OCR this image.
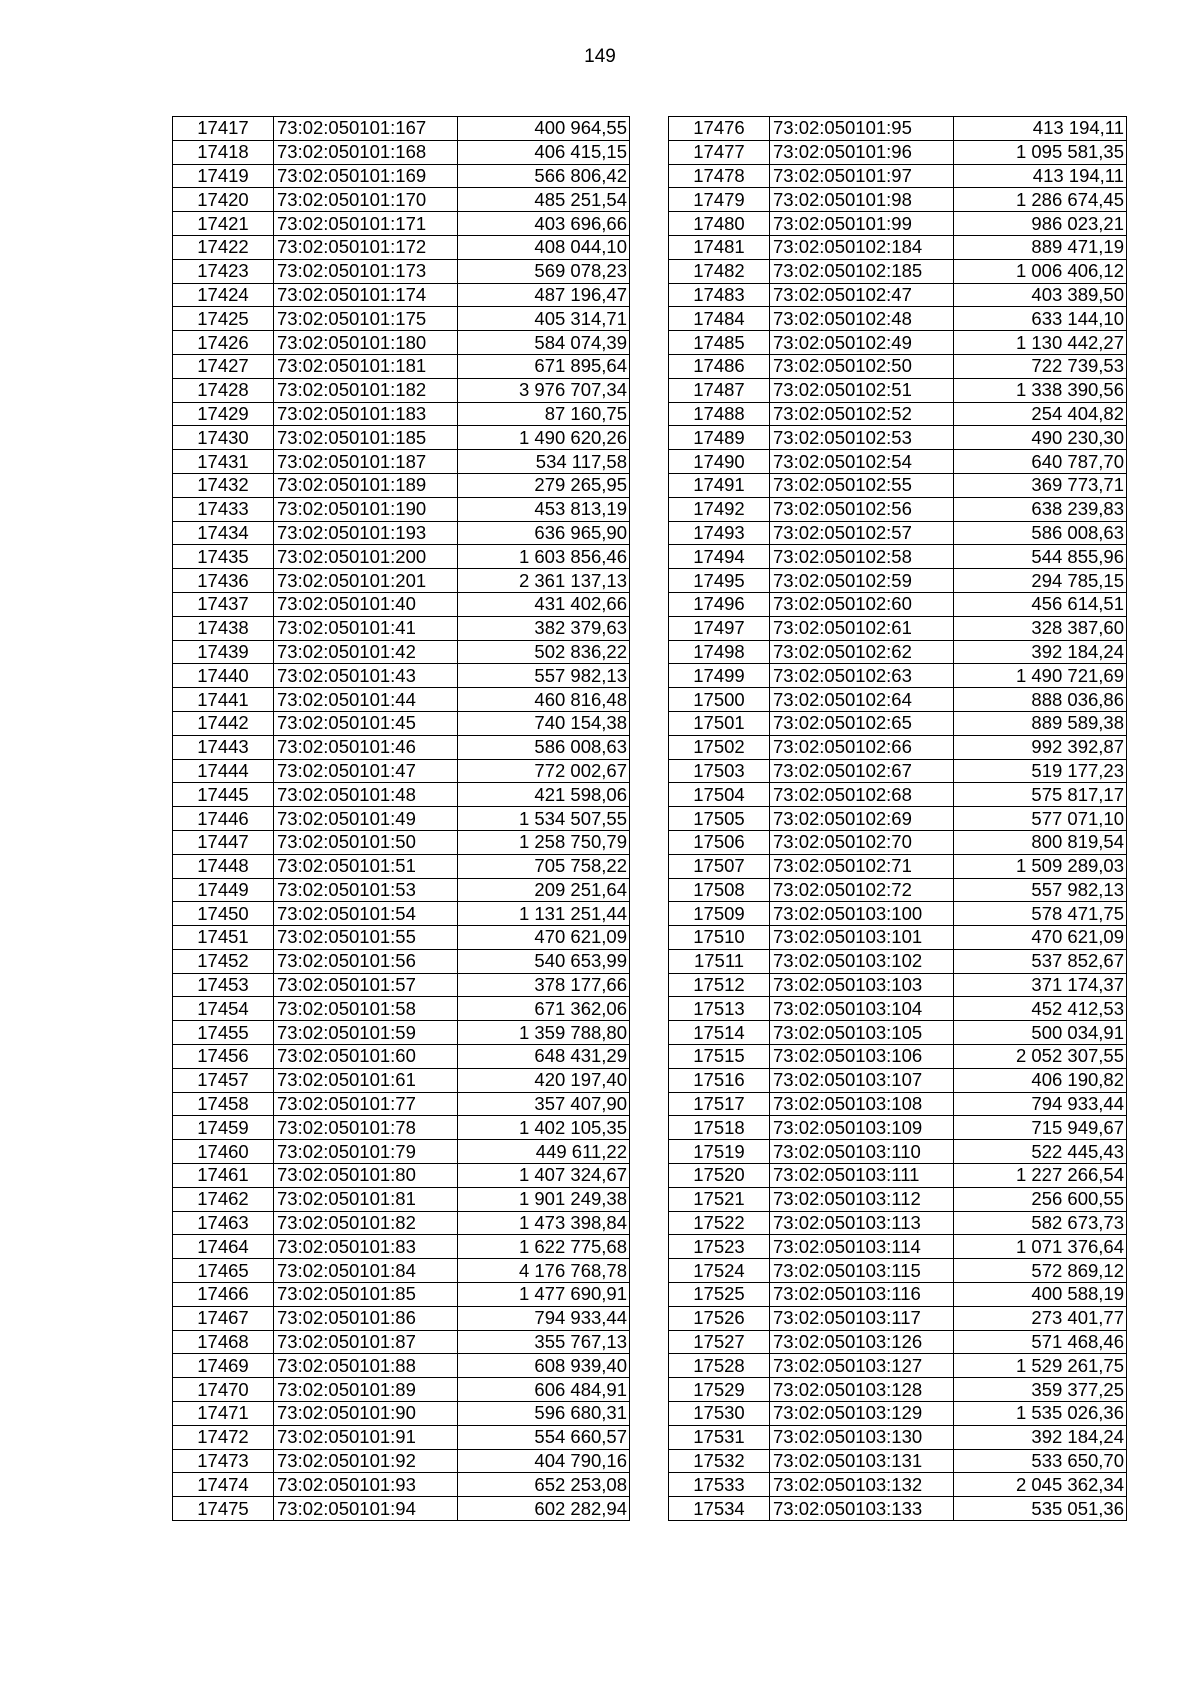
149
17417	73:02:050101:167	400 964,55
17418	73:02:050101:168	406 415,15
17419	73:02:050101:169	566 806,42
17420	73:02:050101:170	485 251,54
17421	73:02:050101:171	403 696,66
17422	73:02:050101:172	408 044,10
17423	73:02:050101:173	569 078,23
17424	73:02:050101:174	487 196,47
17425	73:02:050101:175	405 314,71
17426	73:02:050101:180	584 074,39
17427	73:02:050101:181	671 895,64
17428	73:02:050101:182	3 976 707,34
17429	73:02:050101:183	87 160,75
17430	73:02:050101:185	1 490 620,26
17431	73:02:050101:187	534 117,58
17432	73:02:050101:189	279 265,95
17433	73:02:050101:190	453 813,19
17434	73:02:050101:193	636 965,90
17435	73:02:050101:200	1 603 856,46
17436	73:02:050101:201	2 361 137,13
17437	73:02:050101:40	431 402,66
17438	73:02:050101:41	382 379,63
17439	73:02:050101:42	502 836,22
17440	73:02:050101:43	557 982,13
17441	73:02:050101:44	460 816,48
17442	73:02:050101:45	740 154,38
17443	73:02:050101:46	586 008,63
17444	73:02:050101:47	772 002,67
17445	73:02:050101:48	421 598,06
17446	73:02:050101:49	1 534 507,55
17447	73:02:050101:50	1 258 750,79
17448	73:02:050101:51	705 758,22
17449	73:02:050101:53	209 251,64
17450	73:02:050101:54	1 131 251,44
17451	73:02:050101:55	470 621,09
17452	73:02:050101:56	540 653,99
17453	73:02:050101:57	378 177,66
17454	73:02:050101:58	671 362,06
17455	73:02:050101:59	1 359 788,80
17456	73:02:050101:60	648 431,29
17457	73:02:050101:61	420 197,40
17458	73:02:050101:77	357 407,90
17459	73:02:050101:78	1 402 105,35
17460	73:02:050101:79	449 611,22
17461	73:02:050101:80	1 407 324,67
17462	73:02:050101:81	1 901 249,38
17463	73:02:050101:82	1 473 398,84
17464	73:02:050101:83	1 622 775,68
17465	73:02:050101:84	4 176 768,78
17466	73:02:050101:85	1 477 690,91
17467	73:02:050101:86	794 933,44
17468	73:02:050101:87	355 767,13
17469	73:02:050101:88	608 939,40
17470	73:02:050101:89	606 484,91
17471	73:02:050101:90	596 680,31
17472	73:02:050101:91	554 660,57
17473	73:02:050101:92	404 790,16
17474	73:02:050101:93	652 253,08
17475	73:02:050101:94	602 282,94
17476	73:02:050101:95	413 194,11
17477	73:02:050101:96	1 095 581,35
17478	73:02:050101:97	413 194,11
17479	73:02:050101:98	1 286 674,45
17480	73:02:050101:99	986 023,21
17481	73:02:050102:184	889 471,19
17482	73:02:050102:185	1 006 406,12
17483	73:02:050102:47	403 389,50
17484	73:02:050102:48	633 144,10
17485	73:02:050102:49	1 130 442,27
17486	73:02:050102:50	722 739,53
17487	73:02:050102:51	1 338 390,56
17488	73:02:050102:52	254 404,82
17489	73:02:050102:53	490 230,30
17490	73:02:050102:54	640 787,70
17491	73:02:050102:55	369 773,71
17492	73:02:050102:56	638 239,83
17493	73:02:050102:57	586 008,63
17494	73:02:050102:58	544 855,96
17495	73:02:050102:59	294 785,15
17496	73:02:050102:60	456 614,51
17497	73:02:050102:61	328 387,60
17498	73:02:050102:62	392 184,24
17499	73:02:050102:63	1 490 721,69
17500	73:02:050102:64	888 036,86
17501	73:02:050102:65	889 589,38
17502	73:02:050102:66	992 392,87
17503	73:02:050102:67	519 177,23
17504	73:02:050102:68	575 817,17
17505	73:02:050102:69	577 071,10
17506	73:02:050102:70	800 819,54
17507	73:02:050102:71	1 509 289,03
17508	73:02:050102:72	557 982,13
17509	73:02:050103:100	578 471,75
17510	73:02:050103:101	470 621,09
17511	73:02:050103:102	537 852,67
17512	73:02:050103:103	371 174,37
17513	73:02:050103:104	452 412,53
17514	73:02:050103:105	500 034,91
17515	73:02:050103:106	2 052 307,55
17516	73:02:050103:107	406 190,82
17517	73:02:050103:108	794 933,44
17518	73:02:050103:109	715 949,67
17519	73:02:050103:110	522 445,43
17520	73:02:050103:111	1 227 266,54
17521	73:02:050103:112	256 600,55
17522	73:02:050103:113	582 673,73
17523	73:02:050103:114	1 071 376,64
17524	73:02:050103:115	572 869,12
17525	73:02:050103:116	400 588,19
17526	73:02:050103:117	273 401,77
17527	73:02:050103:126	571 468,46
17528	73:02:050103:127	1 529 261,75
17529	73:02:050103:128	359 377,25
17530	73:02:050103:129	1 535 026,36
17531	73:02:050103:130	392 184,24
17532	73:02:050103:131	533 650,70
17533	73:02:050103:132	2 045 362,34
17534	73:02:050103:133	535 051,36
